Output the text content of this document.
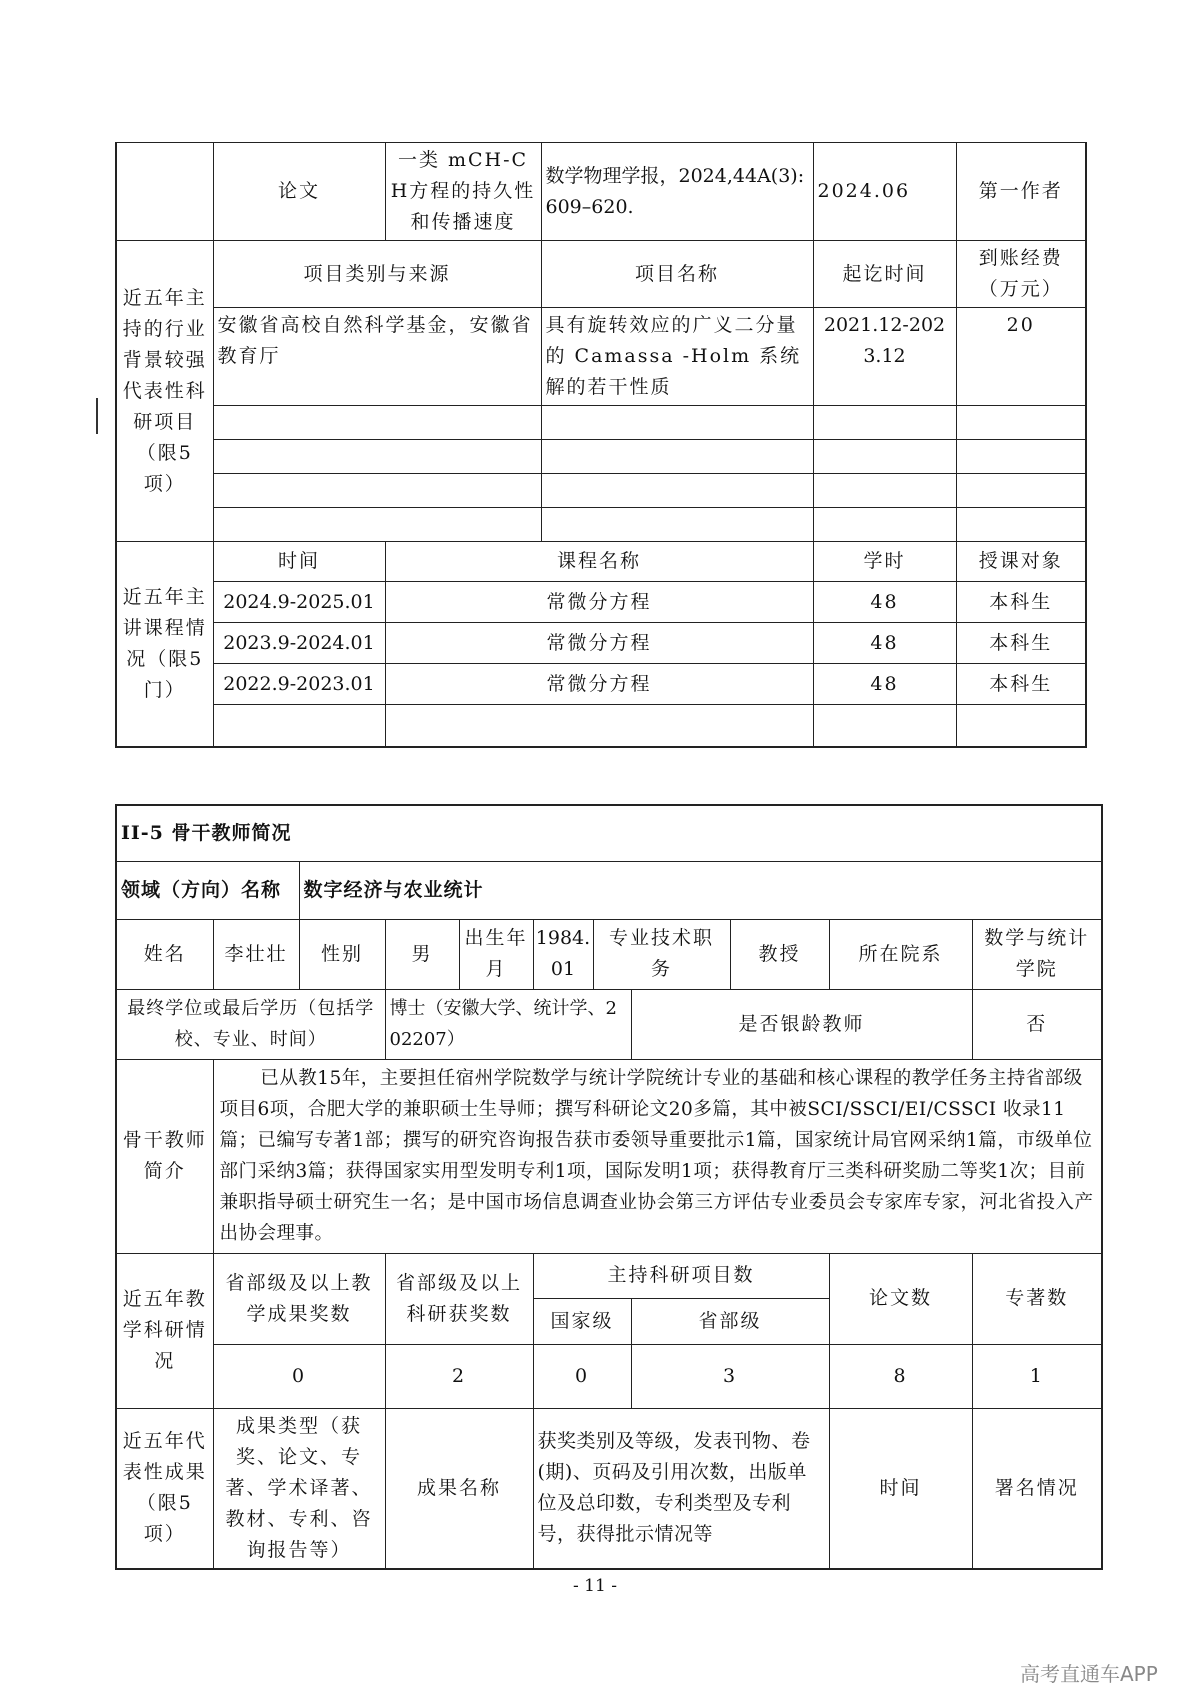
	论文	一类 mCH-CH方程的持久性和传播速度	数学物理学报，2024,44A(3): 609–620.	2024.06	第一作者
近五年主持的行业背景较强代表性科研项目（限5项）	项目类别与来源		项目名称	起讫时间	到账经费（万元）
	安徽省高校自然科学基金，安徽省教育厅		具有旋转效应的广义二分量的 Camassa -Holm 系统解的若干性质	2021.12-2023.12	20

近五年主讲课程情况（限5门）	时间	课程名称		学时	授课对象
	2024.9-2025.01	常微分方程		48	本科生
	2023.9-2024.01	常微分方程		48	本科生
	2022.9-2023.01	常微分方程		48	本科生

II-5 骨干教师简况										
领域（方向）名称		数字经济与农业统计								
姓名	李壮壮	性别	男	出生年月	1984.01	专业技术职 务		教授	所在院系	数学与统计学院
最终学位或最后学历（包括学校、专业、时间）			博士（安徽大学、统计学、202207）				是否银龄教师			否
骨干教师简介	已从教15年，主要担任宿州学院数学与统计学院统计专业的基础和核心课程的教学任务主持省部级项目6项，合肥大学的兼职硕士生导师；撰写科研论文20多篇，其中被SCI/SSCI/EI/CSSCI 收录11篇；已编写专著1部；撰写的研究咨询报告获市委领导重要批示1篇，国家统计局官网采纳1篇，市级单位部门采纳3篇；获得国家实用型发明专利1项，国际发明1项；获得教育厅三类科研奖励二等奖1次；目前兼职指导硕士研究生一名；是中国市场信息调查业协会第三方评估专业委员会专家库专家，河北省投入产出协会理事。									
近五年教学科研情况	省部级及以上教学成果奖数		省部级及以上科研获奖数		主持科研项目数				论文数	专著数
					国家级		省部级			
	0		2		0		3		8	1
近五年代表性成果（限5项）	成果类型（获奖、论文、专著、学术译著、教材、专利、咨询报告等）		成果名称		获奖类别及等级，发表刊物、卷(期)、页码及引用次数，出版单位及总印数，专利类型及专利号，获得批示情况等				时间	署名情况
- 11 -
高考直通车APP
